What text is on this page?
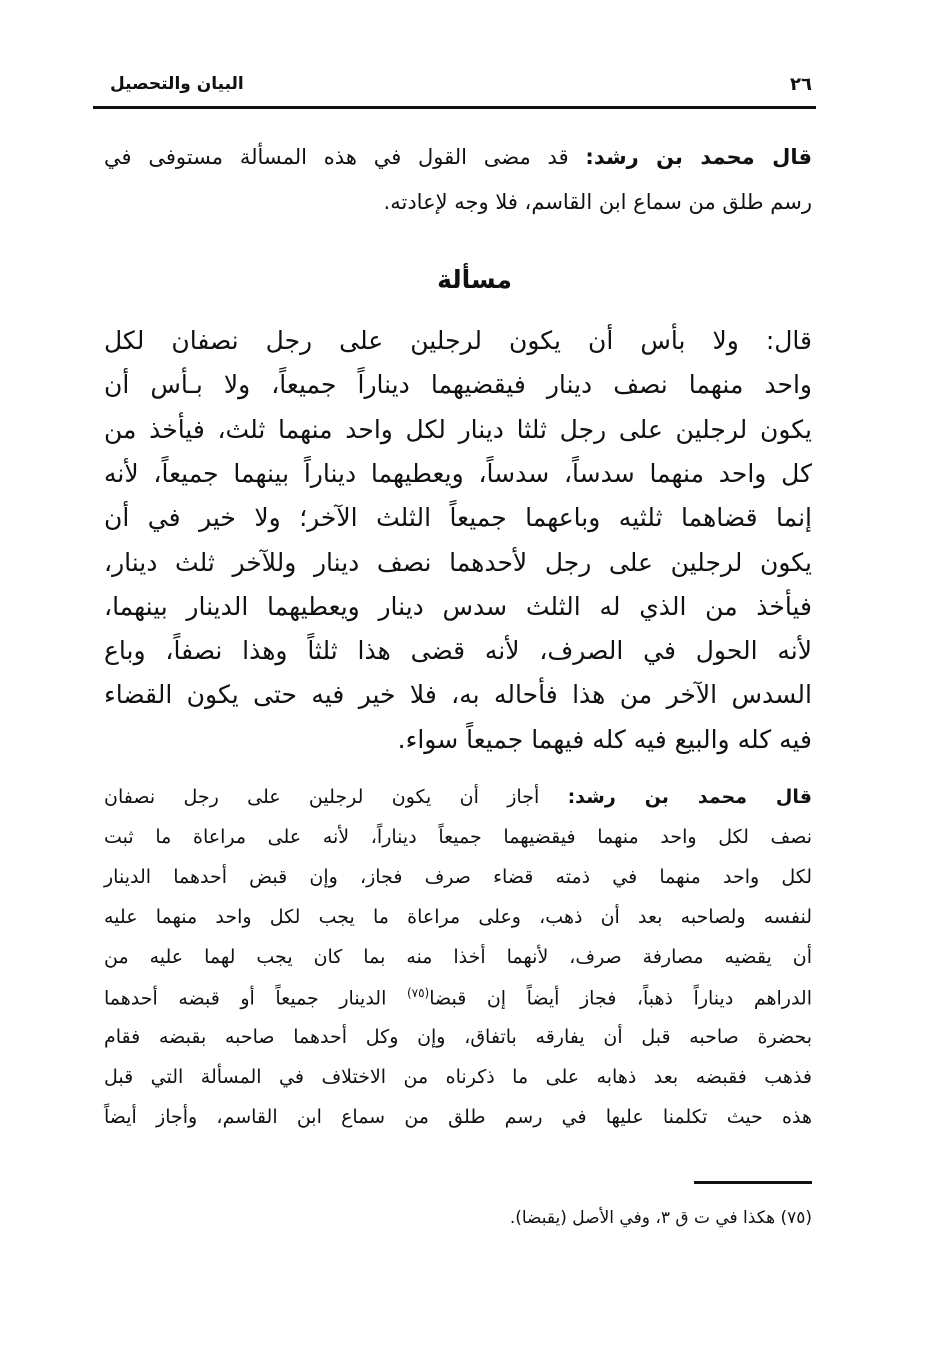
٢٦
البيان والتحصيل
قال محمد بن رشد: قد مضى القول في هذه المسألة مستوفى في
رسم طلق من سماع ابن القاسم، فلا وجه لإعادته.
مسألة
قال: ولا بأس أن يكون لرجلين على رجل نصفان لكل
واحد منهما نصف دينار فيقضيهما ديناراً جميعاً، ولا بـأس أن
يكون لرجلين على رجل ثلثا دينار لكل واحد منهما ثلث، فيأخذ من
كل واحد منهما سدساً، سدساً، ويعطيهما ديناراً بينهما جميعاً، لأنه
إنما قضاهما ثلثيه وباعهما جميعاً الثلث الآخر؛ ولا خير في أن
يكون لرجلين على رجل لأحدهما نصف دينار وللآخر ثلث دينار،
فيأخذ من الذي له الثلث سدس دينار ويعطيهما الدينار بينهما،
لأنه الحول في الصرف، لأنه قضى هذا ثلثاً وهذا نصفاً، وباع
السدس الآخر من هذا فأحاله به، فلا خير فيه حتى يكون القضاء
فيه كله والبيع فيه كله فيهما جميعاً سواء.
قال محمد بن رشد: أجاز أن يكون لرجلين على رجل نصفان
نصف لكل واحد منهما فيقضيهما جميعاً ديناراً، لأنه على مراعاة ما ثبت
لكل واحد منهما في ذمته قضاء صرف فجاز، وإن قبض أحدهما الدينار
لنفسه ولصاحبه بعد أن ذهب، وعلى مراعاة ما يجب لكل واحد منهما عليه
أن يقضيه مصارفة صرف، لأنهما أخذا منه بما كان يجب لهما عليه من
الدراهم ديناراً ذهباً، فجاز أيضاً إن قبضا$^{(٧٥)}$ الدينار جميعاً أو قبضه أحدهما
بحضرة صاحبه قبل أن يفارقه باتفاق، وإن وكل أحدهما صاحبه بقبضه فقام
فذهب فقبضه بعد ذهابه على ما ذكرناه من الاختلاف في المسألة التي قبل
هذه حيث تكلمنا عليها في رسم طلق من سماع ابن القاسم، وأجاز أيضاً
(٧٥) هكذا في ت ق ٣، وفي الأصل (يقبضا).
